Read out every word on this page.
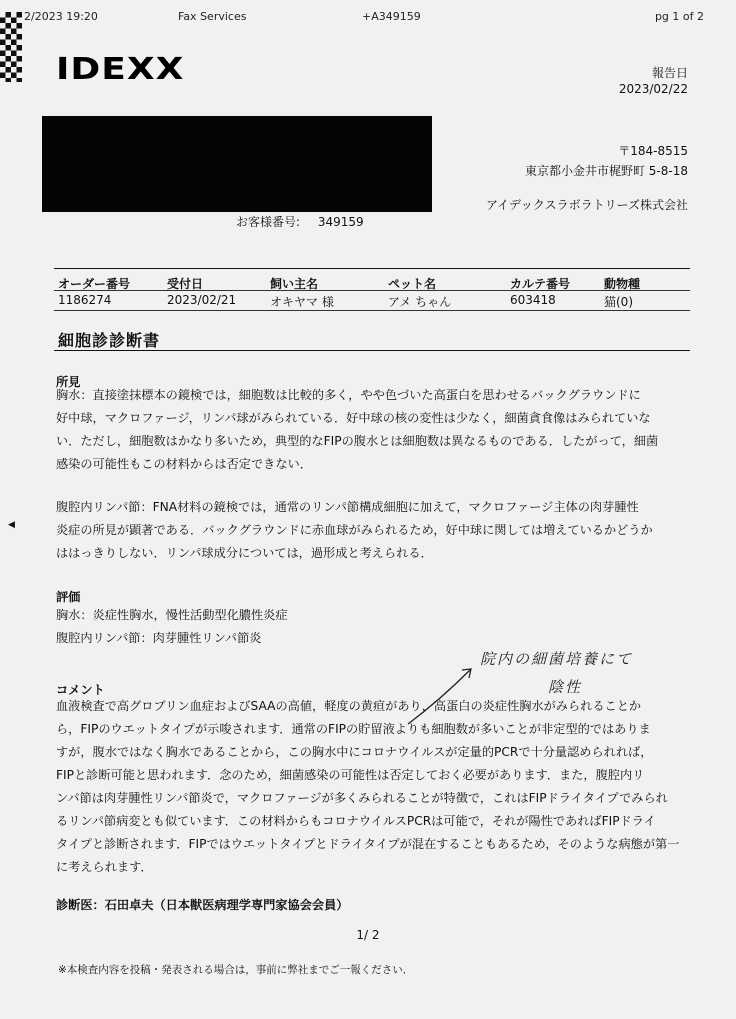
2/2023 19:20	Fax Services	+A349159	pg 1 of 2
IDEXX	報告日
2023/02/22
〒184-8515
東京都小金井市梶野町 5-8-18
アイデックスラボラトリーズ株式会社
お客様番号: 349159
オーダー番号	受付日	飼い主名	ペット名	カルテ番号	動物種
1186274	2023/02/21	オキヤマ 様	アメ ちゃん	603418	猫(0)
細胞診診断書
所見

胸水：直接塗抹標本の鏡検では，細胞数は比較的多く，やや色づいた高蛋白を思わせるバックグラウンドに
好中球，マクロファージ，リンパ球がみられている．好中球の核の変性は少なく，細菌貪食像はみられていな
い．ただし，細胞数はかなり多いため，典型的なFIPの腹水とは細胞数は異なるものである．したがって，細菌
感染の可能性もこの材料からは否定できない．

腹腔内リンパ節：FNA材料の鏡検では，通常のリンパ節構成細胞に加えて，マクロファージ主体の肉芽腫性
炎症の所見が顕著である．バックグラウンドに赤血球がみられるため，好中球に関しては増えているかどうか
ははっきりしない．リンパ球成分については，過形成と考えられる．

◀
評価

胸水：炎症性胸水，慢性活動型化膿性炎症
腹腔内リンパ節：肉芽腫性リンパ節炎

院内の細菌培養にて
陰性
コメント

血液検査で高グロブリン血症およびSAAの高値，軽度の黄疸があり，高蛋白の炎症性胸水がみられることか
ら，FIPのウエットタイプが示唆されます．通常のFIPの貯留液よりも細胞数が多いことが非定型的ではありま
すが，腹水ではなく胸水であることから，この胸水中にコロナウイルスが定量的PCRで十分量認められれば，
FIPと診断可能と思われます．念のため，細菌感染の可能性は否定しておく必要があります．また，腹腔内リ
ンパ節は肉芽腫性リンパ節炎で，マクロファージが多くみられることが特徴で，これはFIPドライタイプでみられ
るリンパ節病変とも似ています．この材料からもコロナウイルスPCRは可能で，それが陽性であればFIPドライ
タイプと診断されます．FIPではウエットタイプとドライタイプが混在することもあるため，そのような病態が第一
に考えられます．

診断医：石田卓夫（日本獣医病理学専門家協会会員）
1/ 2
※本検査内容を投稿・発表される場合は，事前に弊社までご一報ください．
